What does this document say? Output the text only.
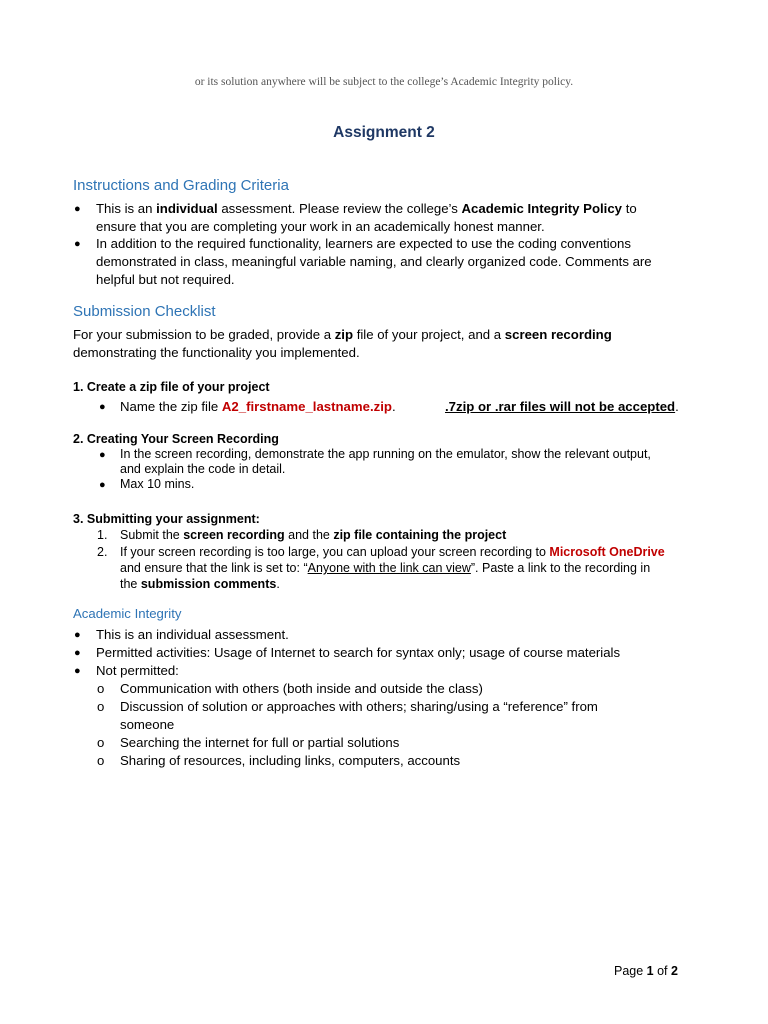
or its solution anywhere will be subject to the college’s Academic Integrity policy.
Assignment 2
Instructions and Grading Criteria
● This is an individual assessment. Please review the college’s Academic Integrity Policy to
ensure that you are completing your work in an academically honest manner.
● In addition to the required functionality, learners are expected to use the coding conventions
demonstrated in class, meaningful variable naming, and clearly organized code. Comments are
helpful but not required.
Submission Checklist
For your submission to be graded, provide a zip file of your project, and a screen recording
demonstrating the functionality you implemented.
1. Create a zip file of your project
● Name the zip file A2_firstname_lastname.zip.	.7zip or .rar files will not be accepted.
2. Creating Your Screen Recording
● In the screen recording, demonstrate the app running on the emulator, show the relevant output,
and explain the code in detail.
● Max 10 mins.
3. Submitting your assignment:
1. Submit the screen recording and the zip file containing the project
2. If your screen recording is too large, you can upload your screen recording to Microsoft OneDrive
and ensure that the link is set to: “Anyone with the link can view”. Paste a link to the recording in
the submission comments.
Academic Integrity
● This is an individual assessment.
● Permitted activities: Usage of Internet to search for syntax only; usage of course materials
● Not permitted:
o Communication with others (both inside and outside the class)
o Discussion of solution or approaches with others; sharing/using a “reference” from
someone
o Searching the internet for full or partial solutions
o Sharing of resources, including links, computers, accounts
Page 1 of 2
